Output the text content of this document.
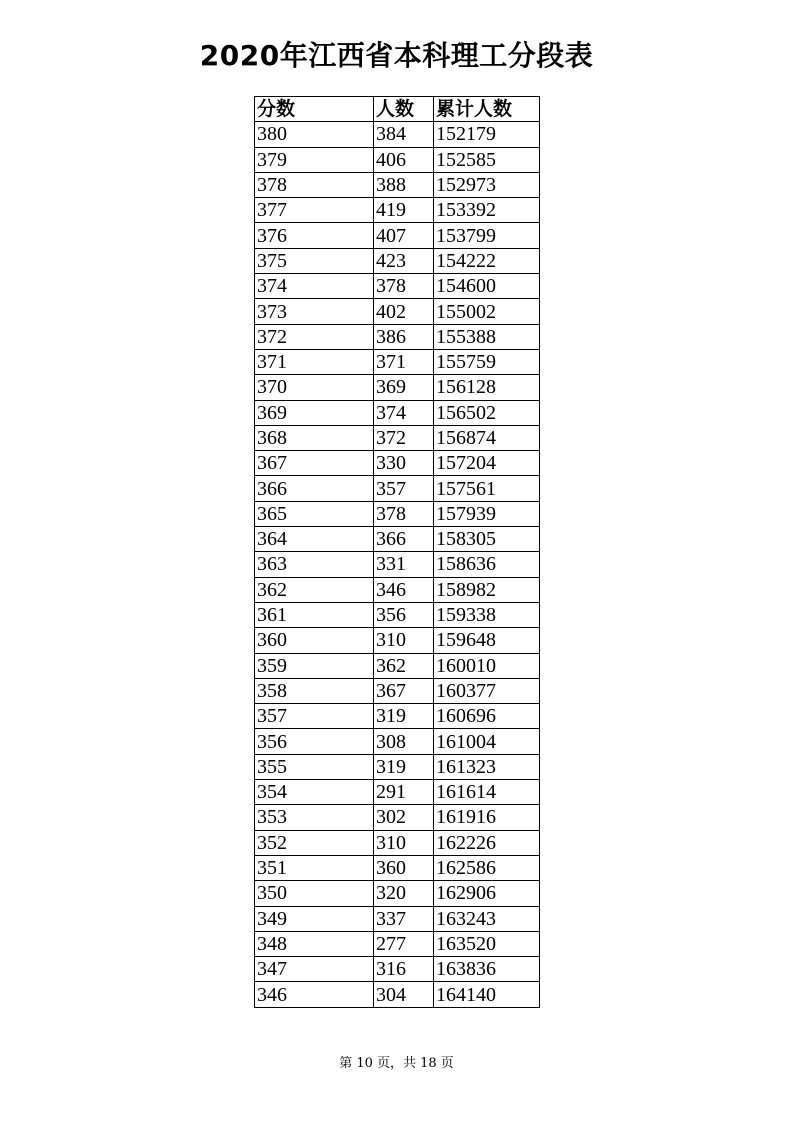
2020年江西省本科理工分段表
分数	人数	累计人数
380	384	152179
379	406	152585
378	388	152973
377	419	153392
376	407	153799
375	423	154222
374	378	154600
373	402	155002
372	386	155388
371	371	155759
370	369	156128
369	374	156502
368	372	156874
367	330	157204
366	357	157561
365	378	157939
364	366	158305
363	331	158636
362	346	158982
361	356	159338
360	310	159648
359	362	160010
358	367	160377
357	319	160696
356	308	161004
355	319	161323
354	291	161614
353	302	161916
352	310	162226
351	360	162586
350	320	162906
349	337	163243
348	277	163520
347	316	163836
346	304	164140
第 10 页，共 18 页
